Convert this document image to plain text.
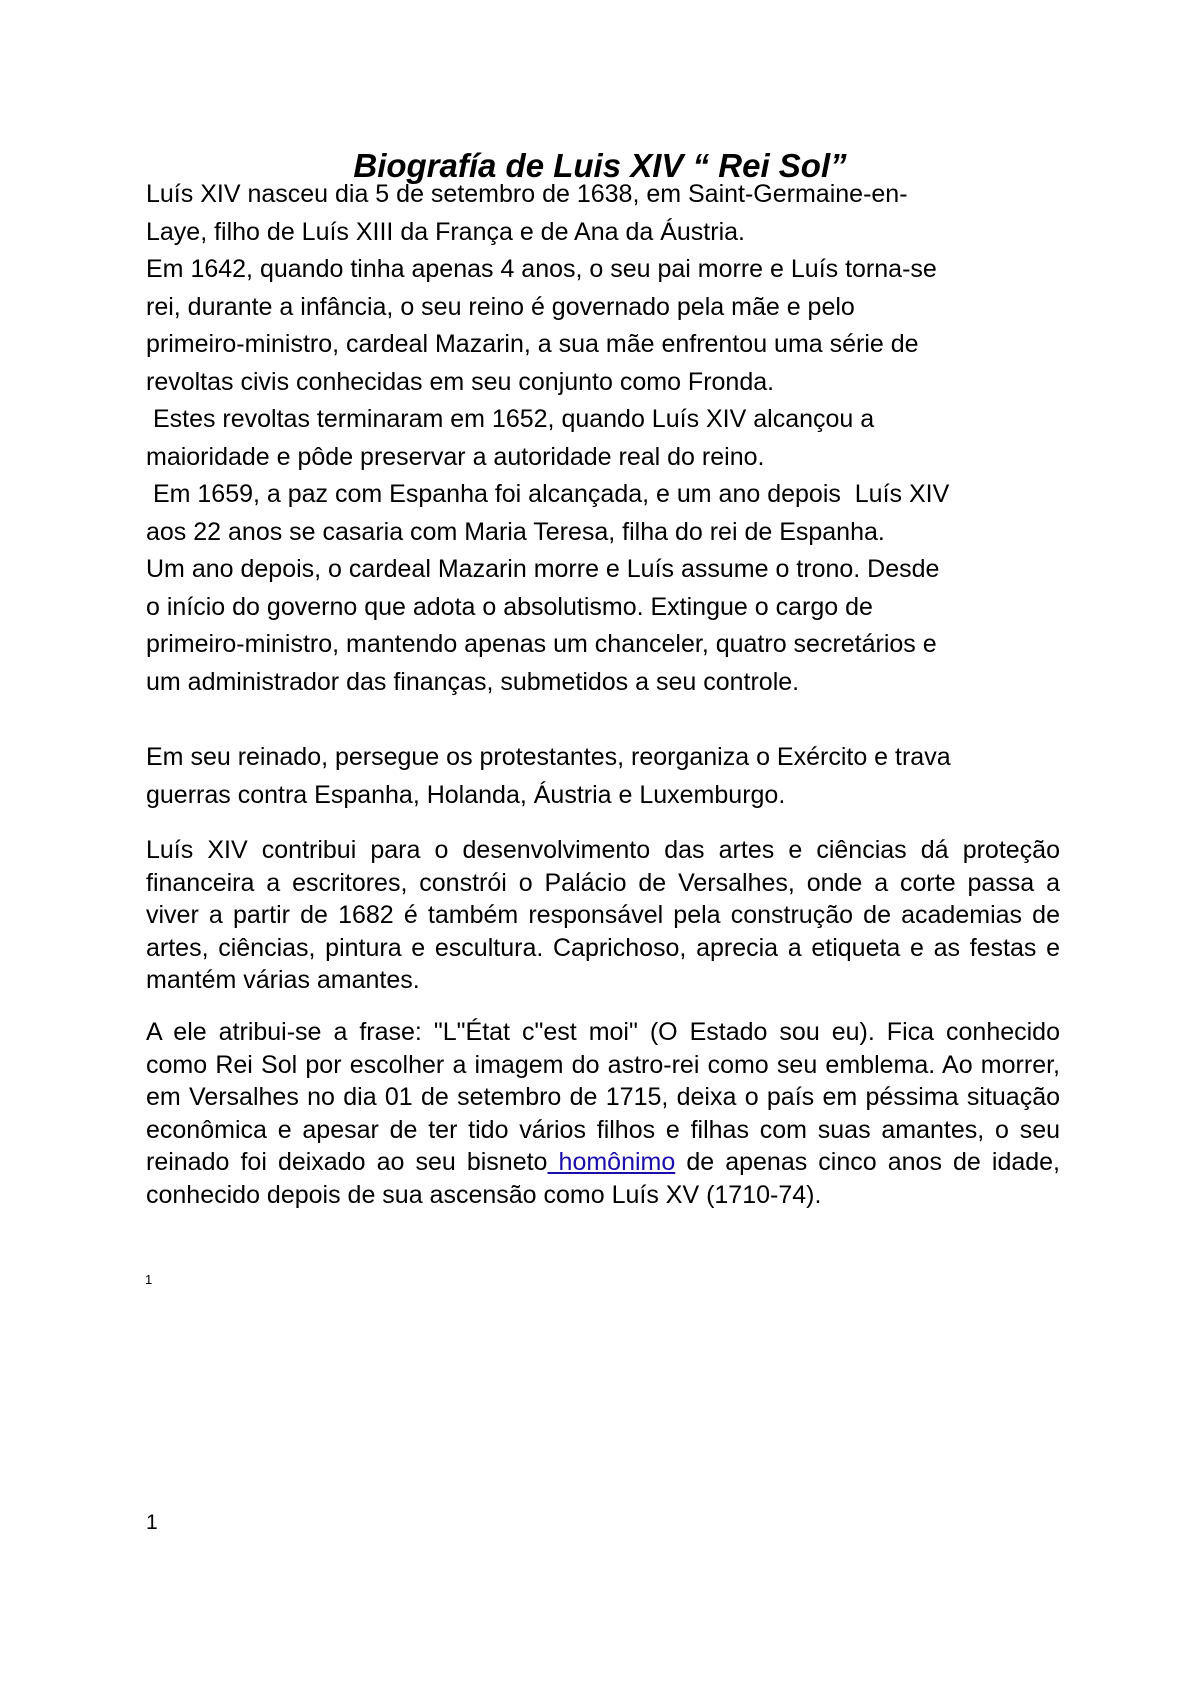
Biografía de Luis XIV “ Rei Sol”
Luís XIV nasceu dia 5 de setembro de 1638, em Saint-Germaine-en-
Laye, filho de Luís XIII da França e de Ana da Áustria.
Em 1642, quando tinha apenas 4 anos, o seu pai morre e Luís torna-se
rei, durante a infância, o seu reino é governado pela mãe e pelo
primeiro-ministro, cardeal Mazarin, a sua mãe enfrentou uma série de
revoltas civis conhecidas em seu conjunto como Fronda.
Estes revoltas terminaram em 1652, quando Luís XIV alcançou a
maioridade e pôde preservar a autoridade real do reino.
Em 1659, a paz com Espanha foi alcançada, e um ano depois  Luís XIV
aos 22 anos se casaria com Maria Teresa, filha do rei de Espanha.
Um ano depois, o cardeal Mazarin morre e Luís assume o trono. Desde
o início do governo que adota o absolutismo. Extingue o cargo de
primeiro-ministro, mantendo apenas um chanceler, quatro secretários e
um administrador das finanças, submetidos a seu controle.
Em seu reinado, persegue os protestantes, reorganiza o Exército e trava
guerras contra Espanha, Holanda, Áustria e Luxemburgo.
Luís XIV contribui para o desenvolvimento das artes e ciências dá proteção financeira a escritores, constrói o Palácio de Versalhes, onde a corte passa a viver a partir de 1682 é também responsável pela construção de academias de artes, ciências, pintura e escultura. Caprichoso, aprecia a etiqueta e as festas e mantém várias amantes.
A ele atribui-se a frase: "L"État c"est moi" (O Estado sou eu). Fica conhecido como Rei Sol por escolher a imagem do astro-rei como seu emblema. Ao morrer, em Versalhes no dia 01 de setembro de 1715, deixa o país em péssima situação econômica e apesar de ter tido vários filhos e filhas com suas amantes, o seu reinado foi deixado ao seu bisneto homônimo de apenas cinco anos de idade, conhecido depois de sua ascensão como Luís XV (1710-74).
1
1
